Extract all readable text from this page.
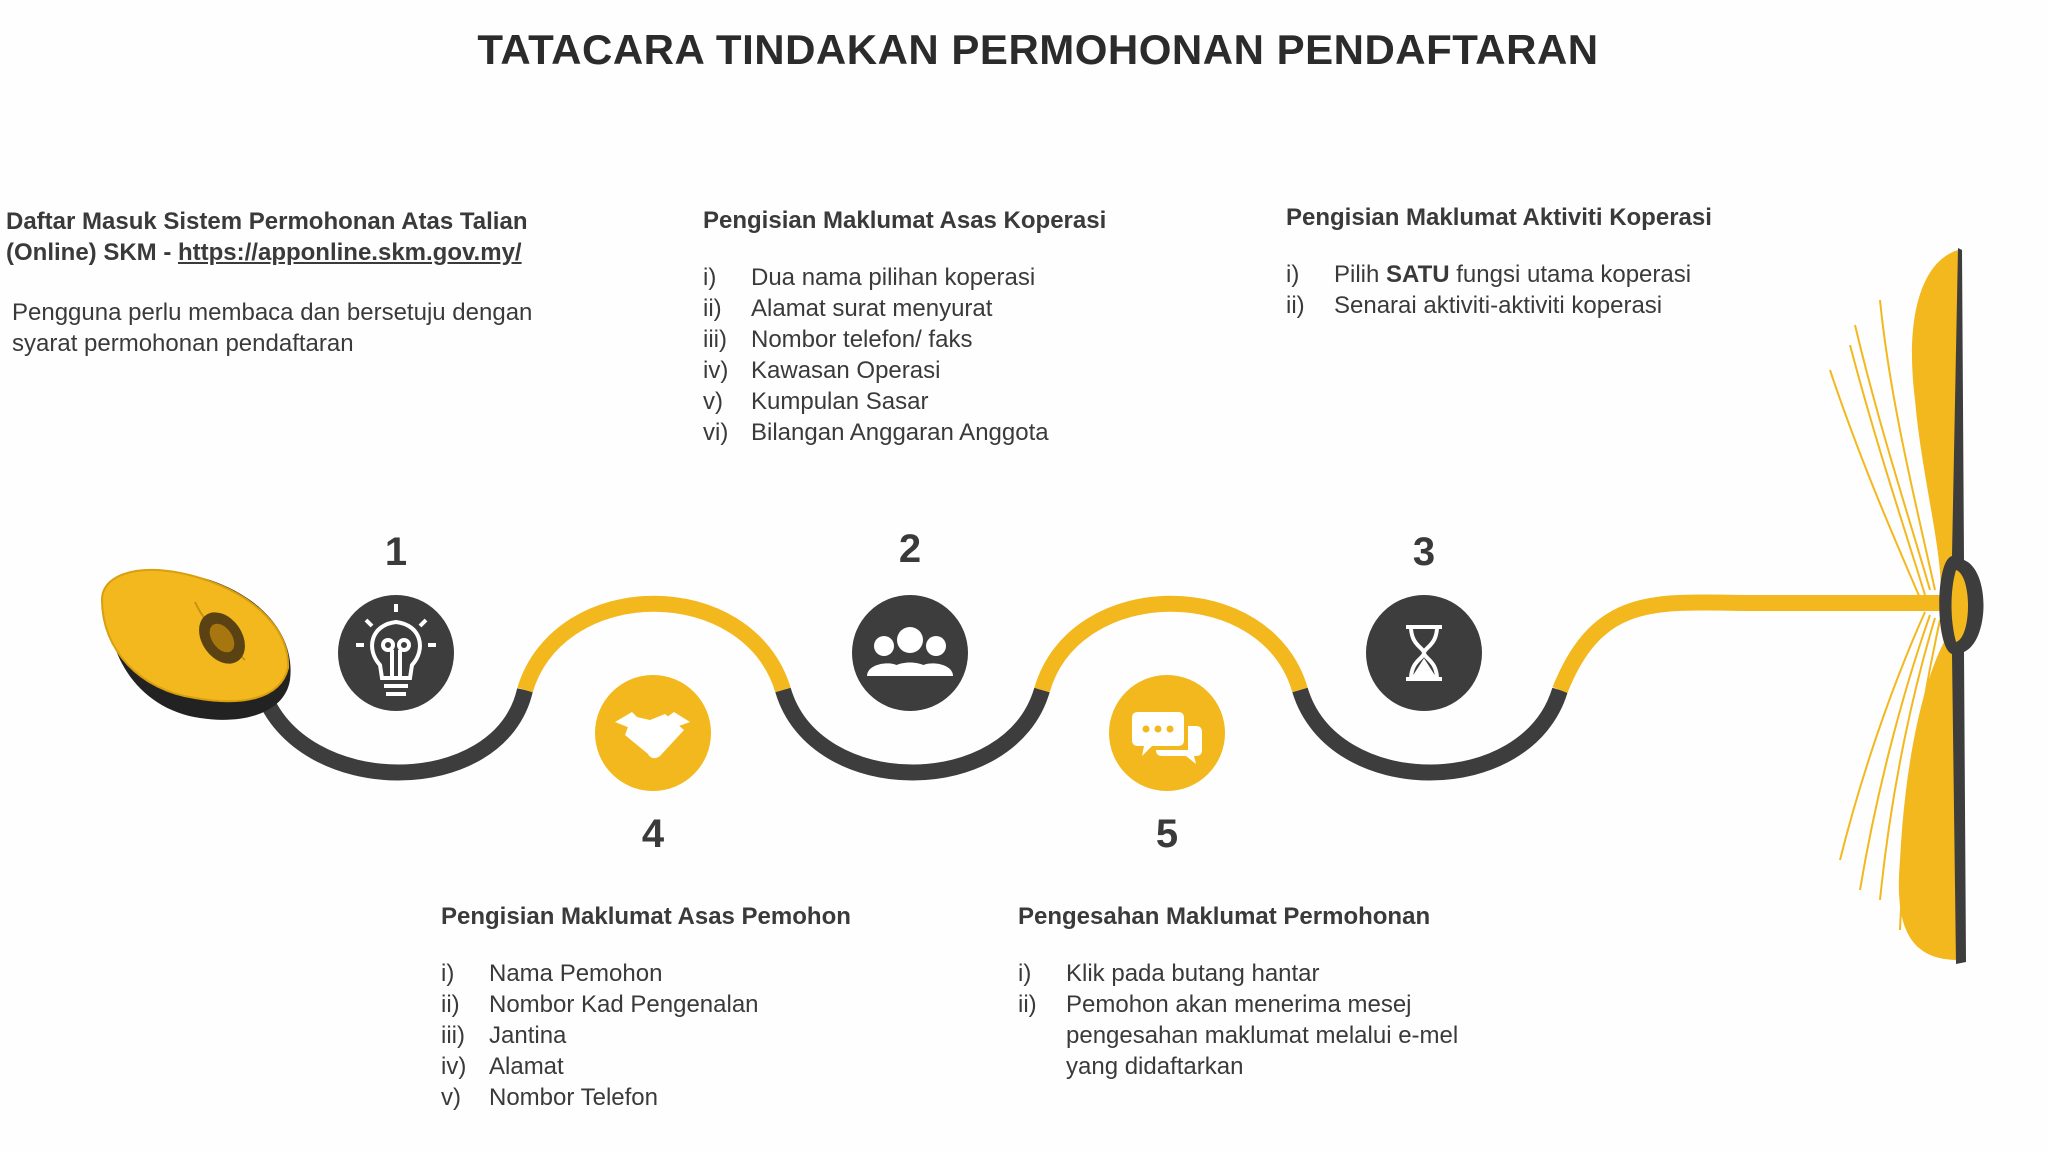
TATACARA TINDAKAN PERMOHONAN PENDAFTARAN
1	2	3
4	5
Daftar Masuk Sistem Permohonan Atas Talian (Online) SKM - https://apponline.skm.gov.my/
Pengguna perlu membaca dan bersetuju dengan syarat permohonan pendaftaran
Pengisian Maklumat Asas Koperasi
i)	Dua nama pilihan koperasi
ii)	Alamat surat menyurat
iii)	Nombor telefon/ faks
iv) Kawasan Operasi
v)	Kumpulan Sasar
vi) Bilangan Anggaran Anggota
Pengisian Maklumat Aktiviti Koperasi
i)	Pilih SATU fungsi utama koperasi
ii)	Senarai aktiviti-aktiviti koperasi
Pengisian Maklumat Asas Pemohon
i)	Nama Pemohon
ii)	Nombor Kad Pengenalan
iii)	Jantina
iv) Alamat
v)	Nombor Telefon
Pengesahan Maklumat Permohonan
i)	Klik pada butang hantar
ii)	Pemohon akan menerima mesej pengesahan maklumat melalui e-mel yang didaftarkan
